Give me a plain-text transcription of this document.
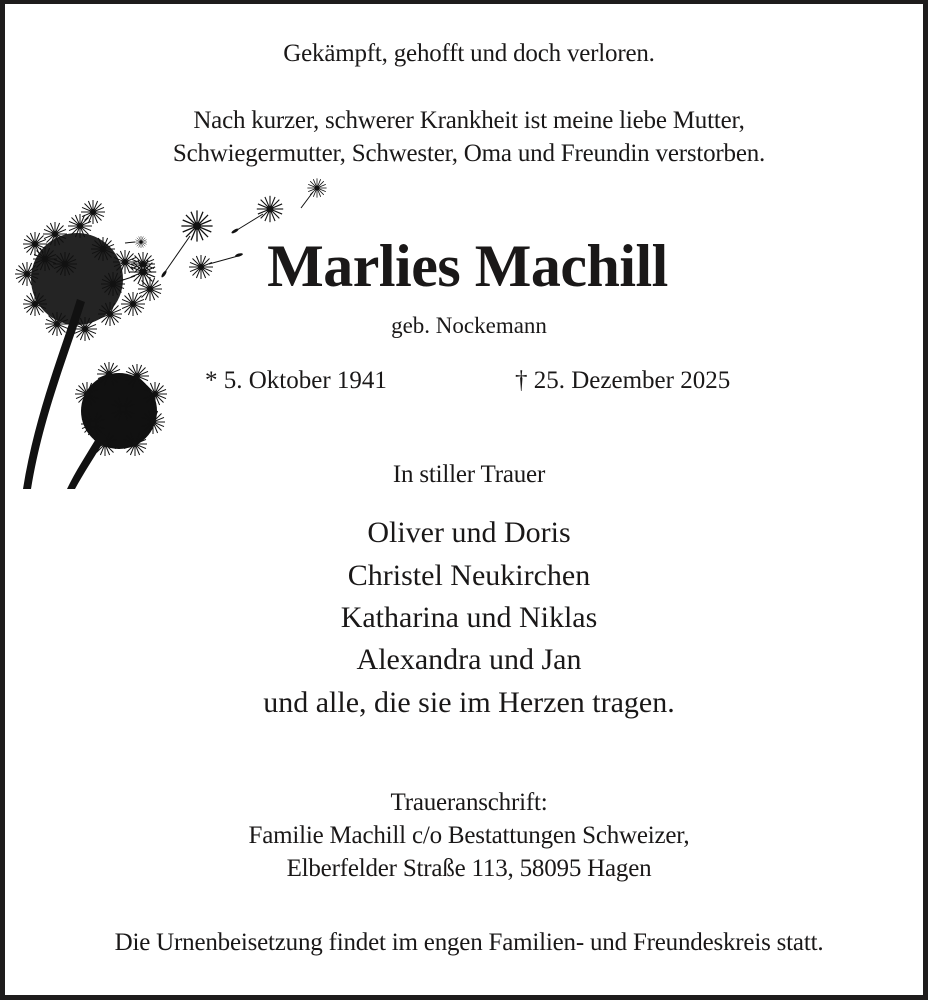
Gekämpft, gehofft und doch verloren.
Nach kurzer, schwerer Krankheit ist meine liebe Mutter,
Schwiegermutter, Schwester, Oma und Freundin verstorben.
Marlies Machill
geb. Nockemann
* 5. Oktober 1941	† 25. Dezember 2025
In stiller Trauer
Oliver und Doris
Christel Neukirchen
Katharina und Niklas
Alexandra und Jan
und alle, die sie im Herzen tragen.
Traueranschrift:
Familie Machill c/o Bestattungen Schweizer,
Elberfelder Straße 113, 58095 Hagen
Die Urnenbeisetzung findet im engen Familien- und Freundeskreis statt.
